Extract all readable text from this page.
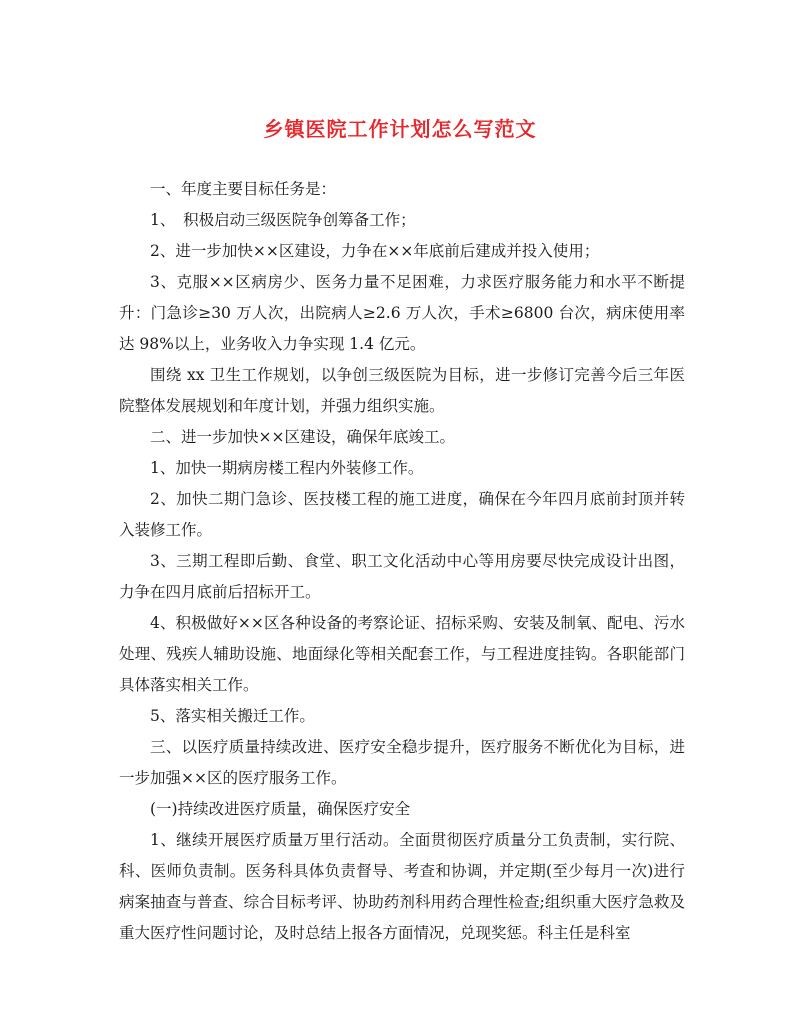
乡镇医院工作计划怎么写范文

一、年度主要目标任务是：

1、　积极启动三级医院争创筹备工作；

2、进一步加快××区建设，力争在××年底前后建成并投入使用；

3、克服××区病房少、医务力量不足困难，力求医疗服务能力和水平不断提升：门急诊≥30 万人次，出院病人≥2.6 万人次，手术≥6800 台次，病床使用率达 98%以上，业务收入力争实现 1.4 亿元。

围绕 xx 卫生工作规划，以争创三级医院为目标，进一步修订完善今后三年医院整体发展规划和年度计划，并强力组织实施。

二、进一步加快××区建设，确保年底竣工。

1、加快一期病房楼工程内外装修工作。

2、加快二期门急诊、医技楼工程的施工进度，确保在今年四月底前封顶并转入装修工作。

3、三期工程即后勤、食堂、职工文化活动中心等用房要尽快完成设计出图，力争在四月底前后招标开工。

4、积极做好××区各种设备的考察论证、招标采购、安装及制氧、配电、污水处理、残疾人辅助设施、地面绿化等相关配套工作，与工程进度挂钩。各职能部门具体落实相关工作。

5、落实相关搬迁工作。

三、以医疗质量持续改进、医疗安全稳步提升，医疗服务不断优化为目标，进一步加强××区的医疗服务工作。

(一)持续改进医疗质量，确保医疗安全

1、继续开展医疗质量万里行活动。全面贯彻医疗质量分工负责制，实行院、科、医师负责制。医务科具体负责督导、考查和协调，并定期(至少每月一次)进行病案抽查与普查、综合目标考评、协助药剂科用药合理性检查;组织重大医疗急救及重大医疗性问题讨论，及时总结上报各方面情况，兑现奖惩。科主任是科室
